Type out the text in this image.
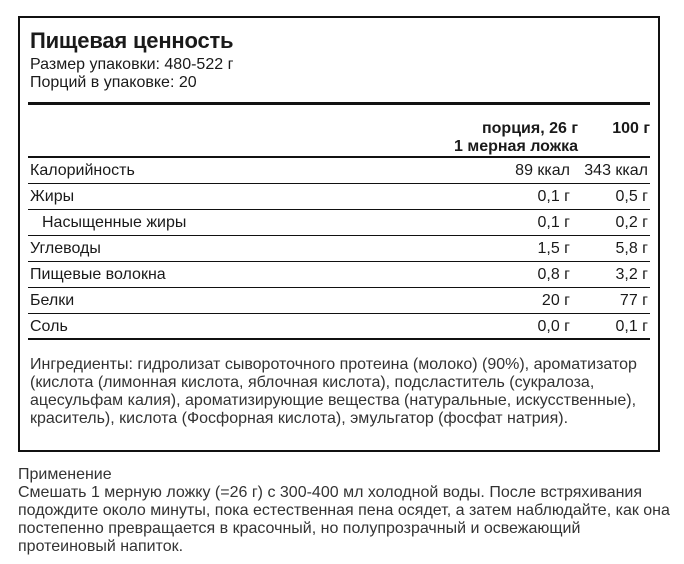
Пищевая ценность
Размер упаковки: 480-522 г
Порций в упаковке: 20
порция, 26 г
1 мерная ложка
100 г
Калорийность	89 ккал 343 ккал
Жиры	0,1 г	0,5 г
Насыщенные жиры	0,1 г	0,2 г
Углеводы	1,5 г	5,8 г
Пищевые волокна	0,8 г	3,2 г
Белки	20 г	77 г
Соль	0,0 г	0,1 г
Ингредиенты: гидролизат сывороточного протеина (молоко) (90%), ароматизатор (кислота (лимонная кислота, яблочная кислота), подсластитель (сукралоза, ацесульфам калия), ароматизирующие вещества (натуральные, искусственные), краситель), кислота (Фосфорная кислота), эмульгатор (фосфат натрия).
Применение
Смешать 1 мерную ложку (=26 г) с 300-400 мл холодной воды. После встряхивания подождите около минуты, пока естественная пена осядет, а затем наблюдайте, как она постепенно превращается в красочный, но полупрозрачный и освежающий протеиновый напиток.
